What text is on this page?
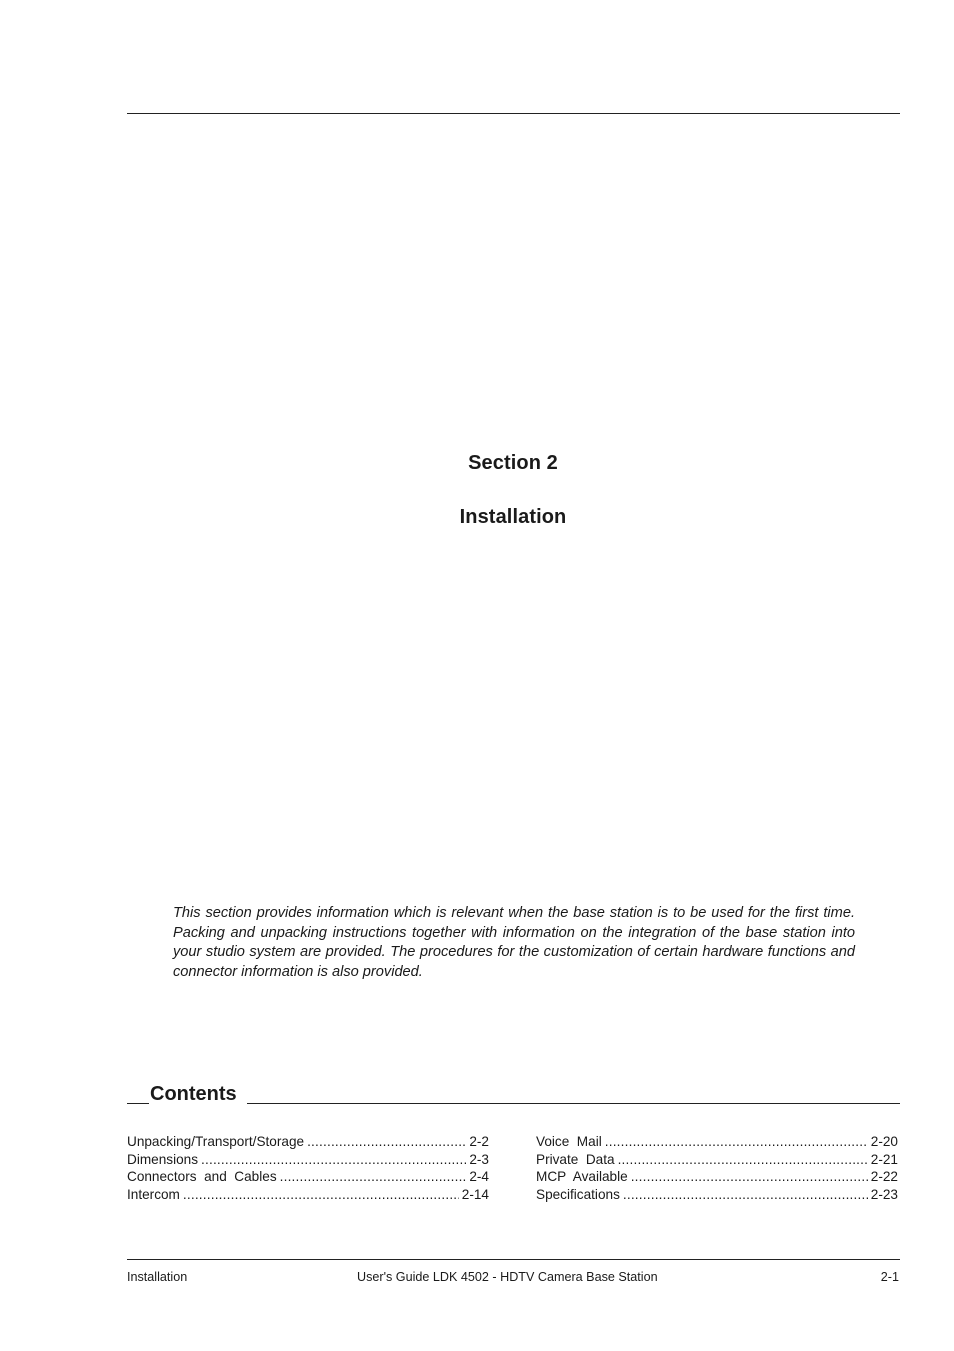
Section 2
Installation

This section provides information which is relevant when the base station is to be used for the first time. Packing and unpacking instructions together with information on the integration of the base station into your studio system are provided. The procedures for the customization of certain hardware functions and connector information is also provided.

Contents
Unpacking/Transport/Storage .....	2-2
Dimensions .....	2-3
Connectors  and  Cables .....	2-4
Intercom .....	2-14
Voice  Mail .....	2-20
Private  Data .....	2-21
MCP  Available .....	2-22
Specifications .....	2-23
Installation	User's Guide LDK 4502 - HDTV Camera Base Station	2-1
